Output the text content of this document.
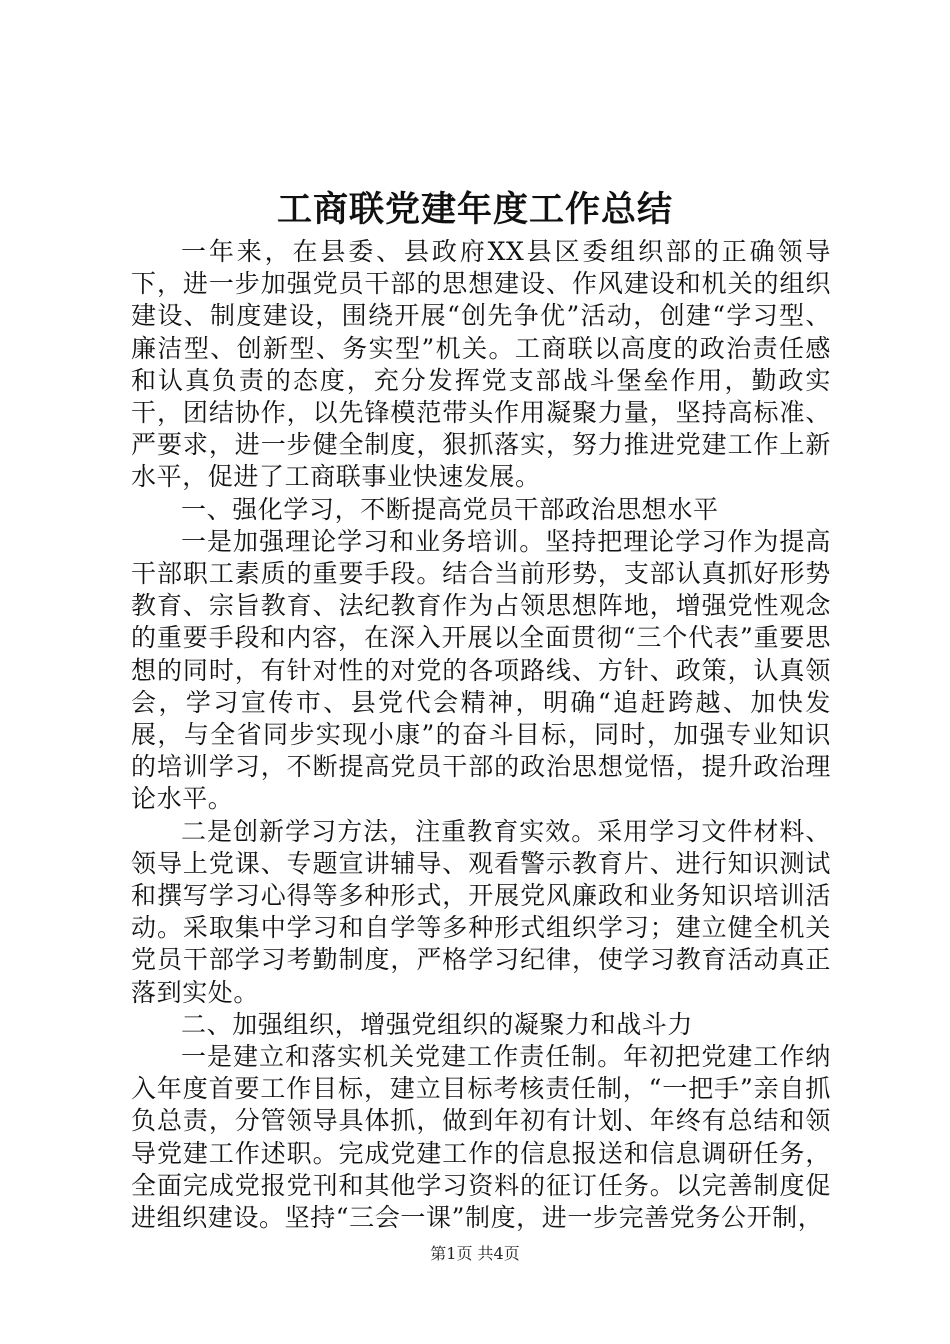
工商联党建年度工作总结

一年来，在县委、县政府XX县区委组织部的正确领导下，进一步加强党员干部的思想建设、作风建设和机关的组织建设、制度建设，围绕开展“创先争优”活动，创建“学习型、廉洁型、创新型、务实型”机关。工商联以高度的政治责任感和认真负责的态度，充分发挥党支部战斗堡垒作用，勤政实干，团结协作，以先锋模范带头作用凝聚力量，坚持高标准、严要求，进一步健全制度，狠抓落实，努力推进党建工作上新水平，促进了工商联事业快速发展。

一、强化学习，不断提高党员干部政治思想水平

一是加强理论学习和业务培训。坚持把理论学习作为提高干部职工素质的重要手段。结合当前形势，支部认真抓好形势教育、宗旨教育、法纪教育作为占领思想阵地，增强党性观念的重要手段和内容，在深入开展以全面贯彻“三个代表”重要思想的同时，有针对性的对党的各项路线、方针、政策，认真领会，学习宣传市、县党代会精神，明确“追赶跨越、加快发展，与全省同步实现小康”的奋斗目标，同时，加强专业知识的培训学习，不断提高党员干部的政治思想觉悟，提升政治理论水平。

二是创新学习方法，注重教育实效。采用学习文件材料、领导上党课、专题宣讲辅导、观看警示教育片、进行知识测试和撰写学习心得等多种形式，开展党风廉政和业务知识培训活动。采取集中学习和自学等多种形式组织学习；建立健全机关党员干部学习考勤制度，严格学习纪律，使学习教育活动真正落到实处。

二、加强组织，增强党组织的凝聚力和战斗力

一是建立和落实机关党建工作责任制。年初把党建工作纳入年度首要工作目标，建立目标考核责任制，“一把手”亲自抓负总责，分管领导具体抓，做到年初有计划、年终有总结和领导党建工作述职。完成党建工作的信息报送和信息调研任务，全面完成党报党刊和其他学习资料的征订任务。以完善制度促进组织建设。坚持“三会一课”制度，进一步完善党务公开制，

第1页 共4页
